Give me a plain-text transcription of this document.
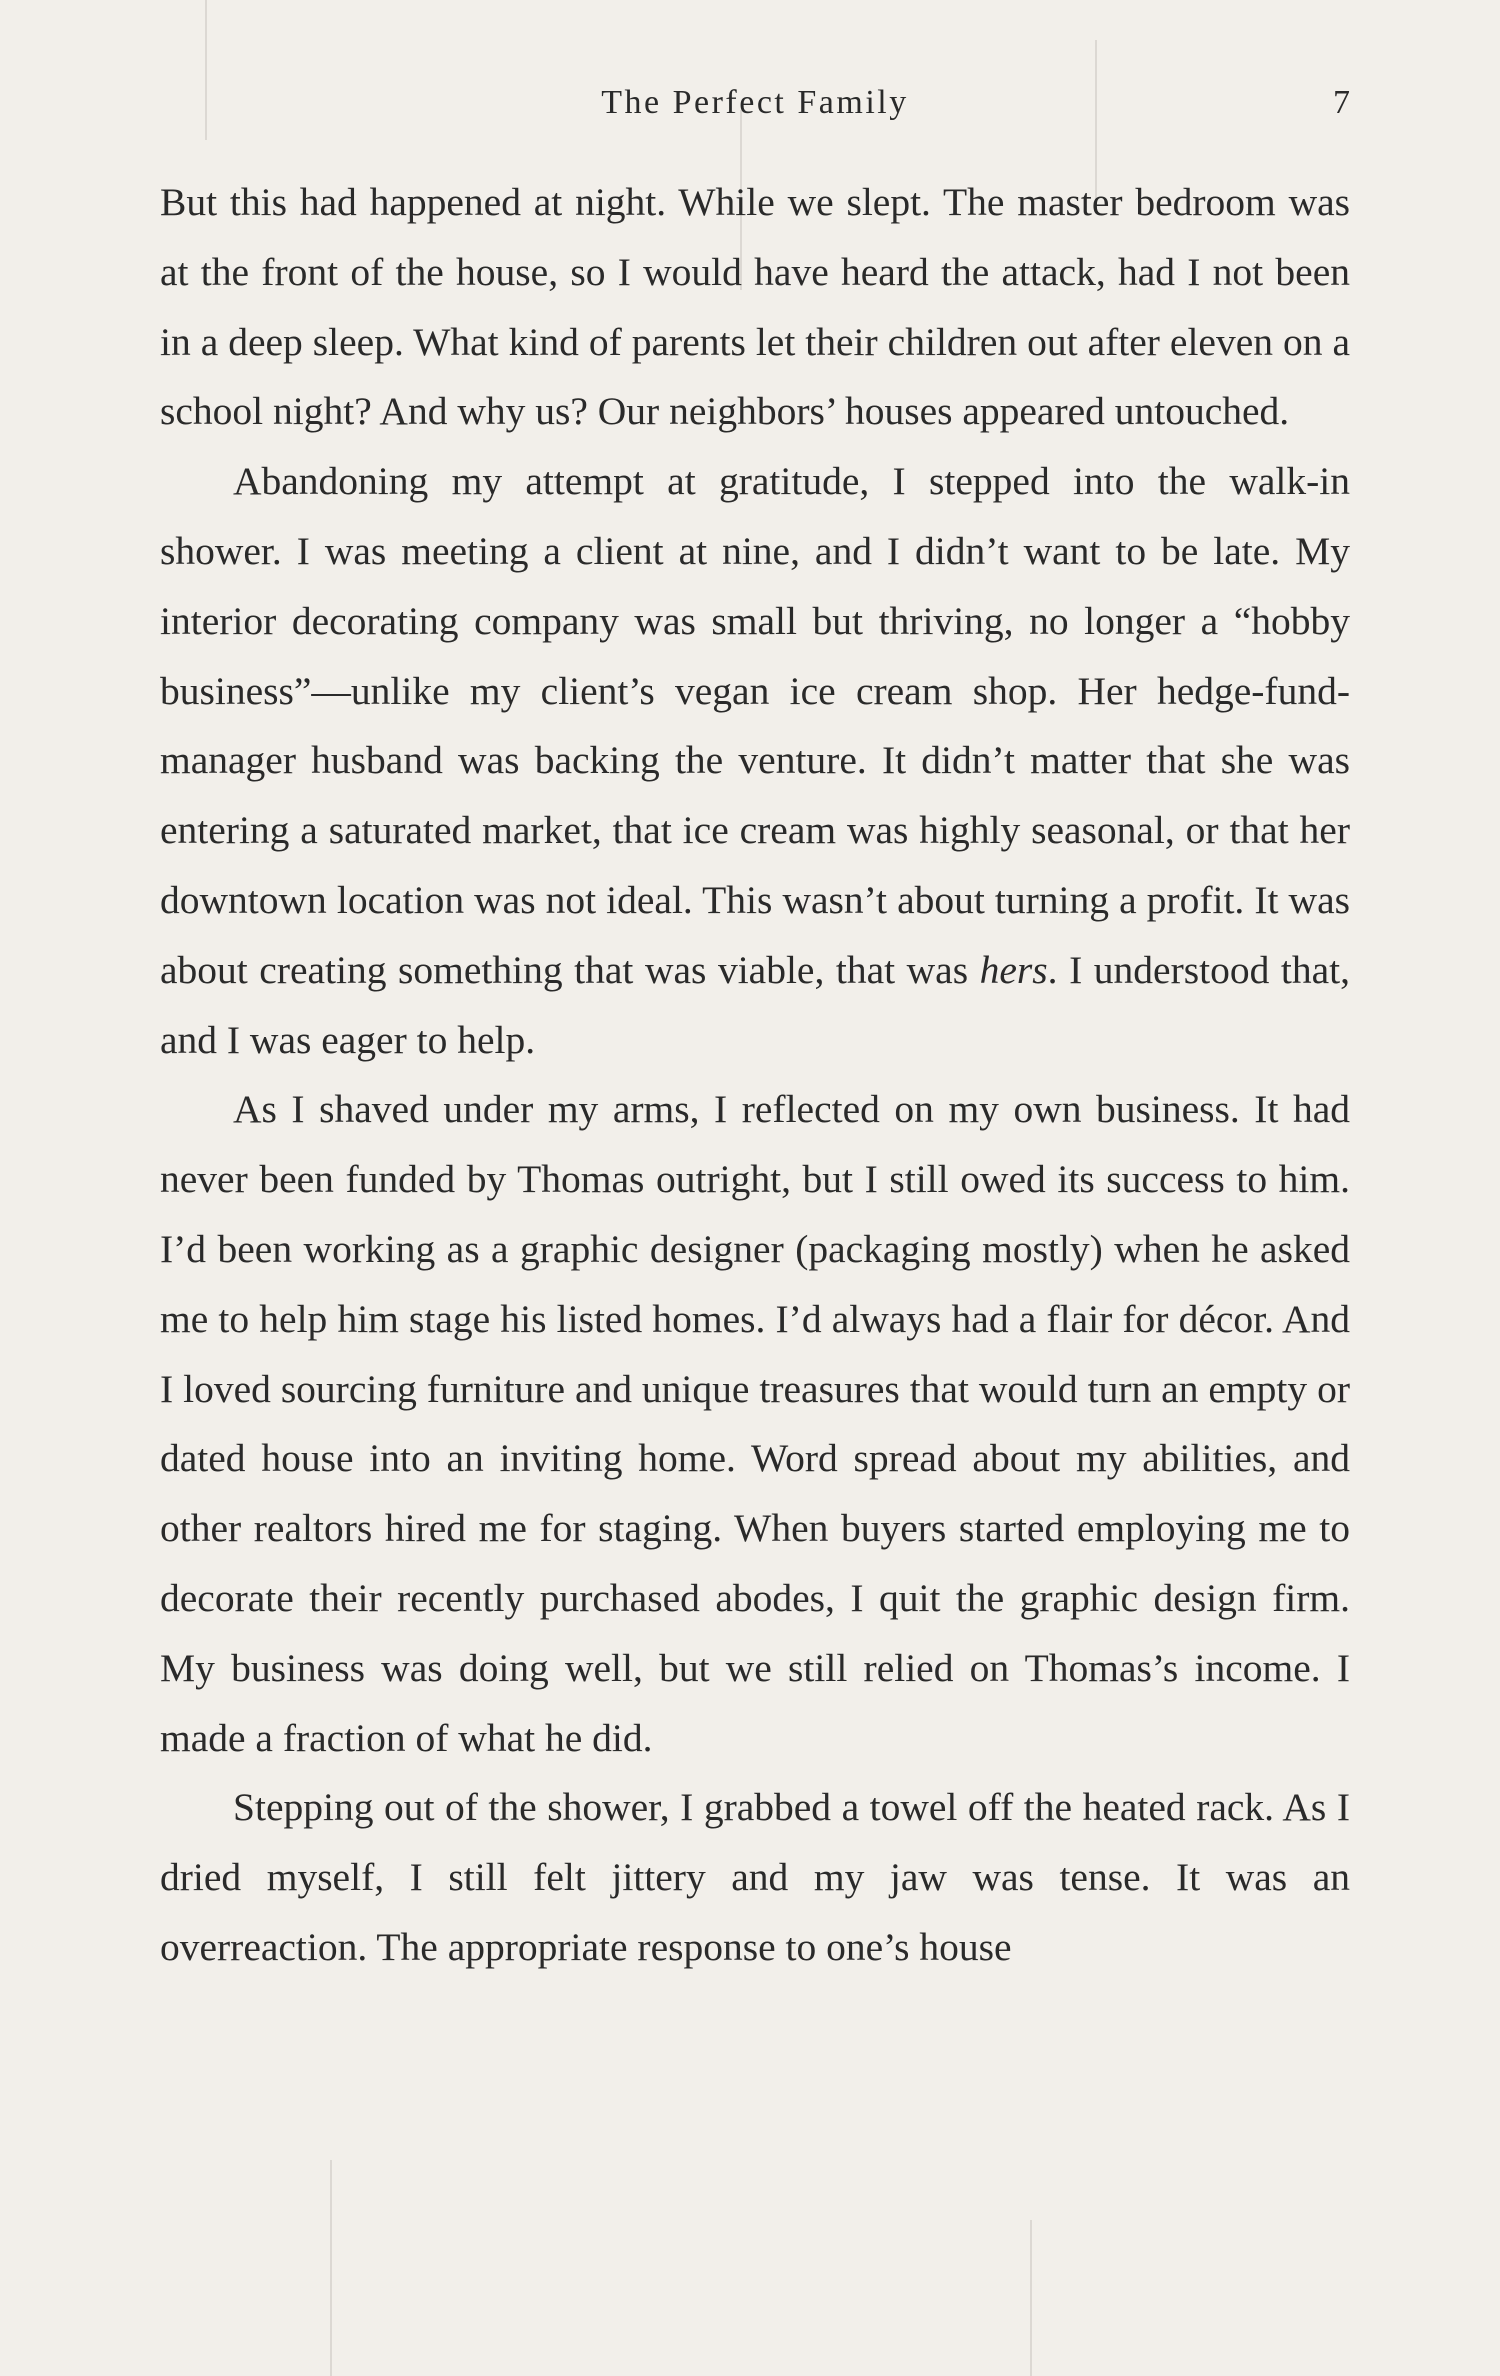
The Perfect Family	7

But this had happened at night. While we slept. The master bedroom was at the front of the house, so I would have heard the attack, had I not been in a deep sleep. What kind of parents let their children out after eleven on a school night? And why us? Our neighbors’ houses appeared untouched.

Abandoning my attempt at gratitude, I stepped into the walk-in shower. I was meeting a client at nine, and I didn’t want to be late. My interior decorating company was small but thriving, no longer a “hobby business”—unlike my client’s vegan ice cream shop. Her hedge-fund-manager husband was backing the venture. It didn’t matter that she was entering a saturated market, that ice cream was highly seasonal, or that her downtown location was not ideal. This wasn’t about turning a profit. It was about creating something that was viable, that was hers. I understood that, and I was eager to help.

As I shaved under my arms, I reflected on my own business. It had never been funded by Thomas outright, but I still owed its success to him. I’d been working as a graphic designer (packaging mostly) when he asked me to help him stage his listed homes. I’d always had a flair for décor. And I loved sourcing furniture and unique treasures that would turn an empty or dated house into an inviting home. Word spread about my abilities, and other realtors hired me for staging. When buyers started employing me to decorate their recently purchased abodes, I quit the graphic design firm. My business was doing well, but we still relied on Thomas’s income. I made a fraction of what he did.

Stepping out of the shower, I grabbed a towel off the heated rack. As I dried myself, I still felt jittery and my jaw was tense. It was an overreaction. The appropriate response to one’s house
